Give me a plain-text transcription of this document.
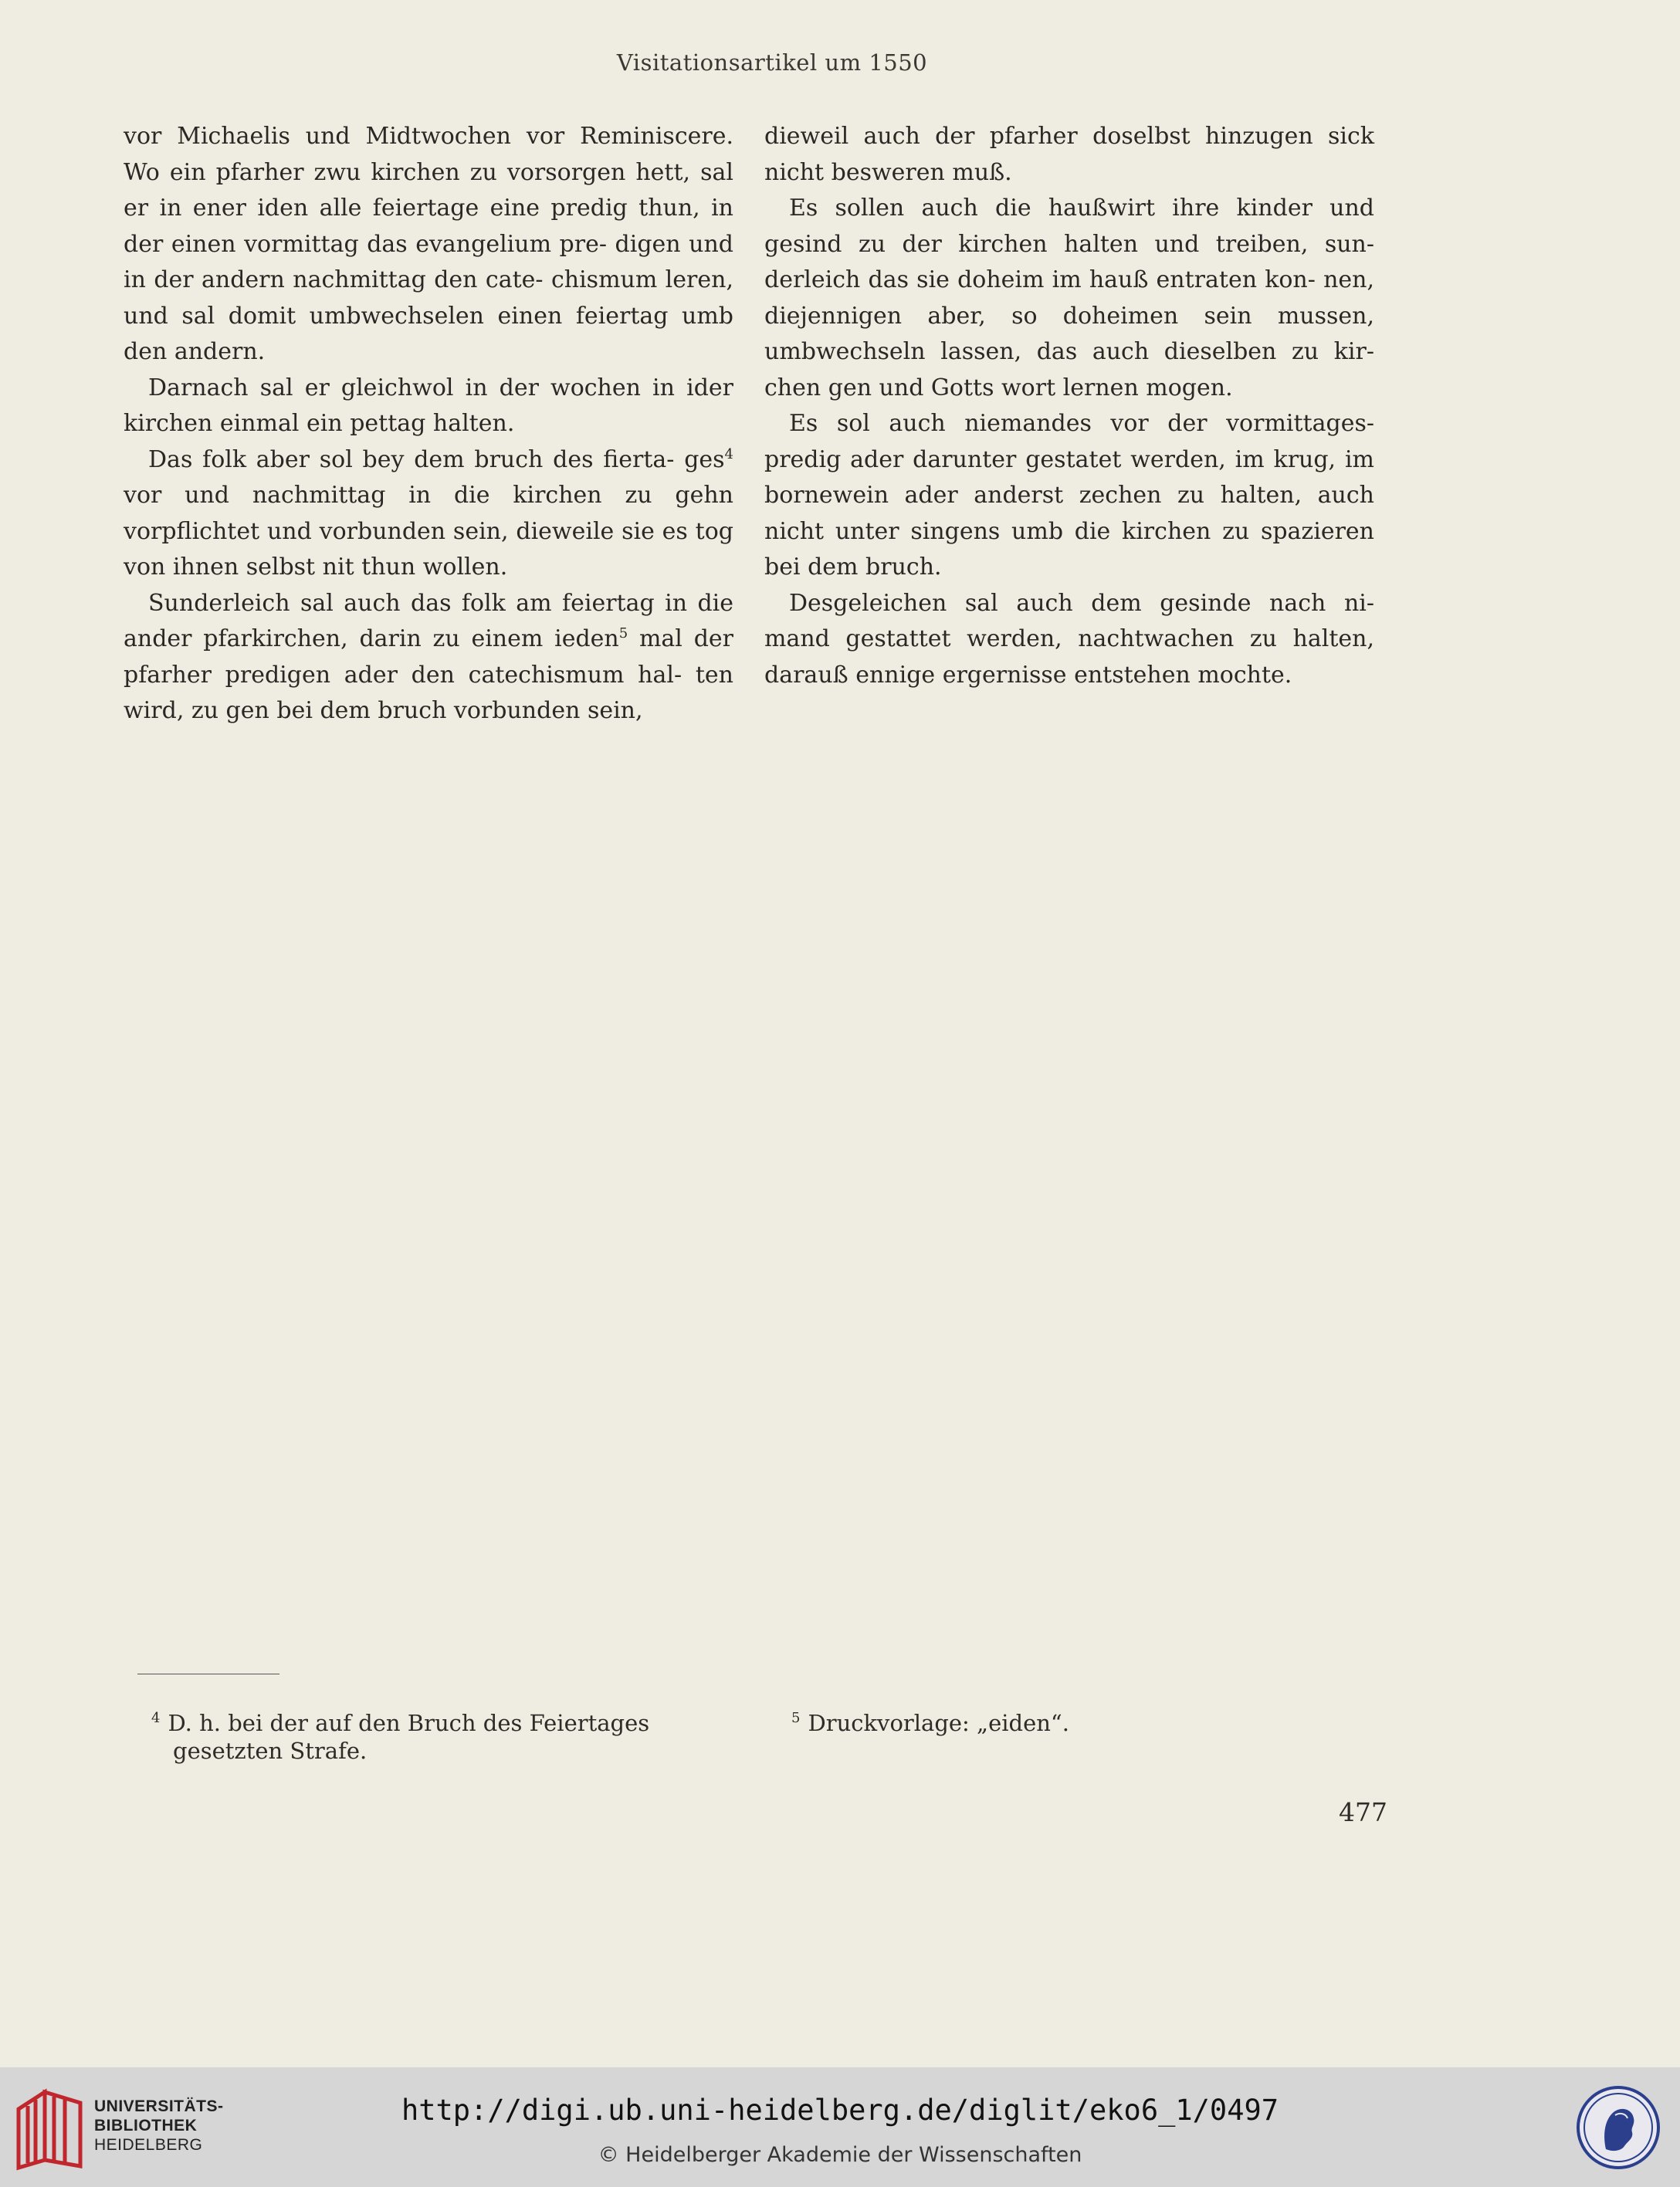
Visitationsartikel um 1550

vor Michaelis und Midtwochen vor Reminiscere. Wo ein pfarher zwu kirchen zu vorsorgen hett, sal er in ener iden alle feiertage eine predig thun, in der einen vormittag das evangelium pre- digen und in der andern nachmittag den cate- chismum leren, und sal domit umbwechselen einen feiertag umb den andern.

Darnach sal er gleichwol in der wochen in ider kirchen einmal ein pettag halten.

Das folk aber sol bey dem bruch des fierta- ges$^4$ vor und nachmittag in die kirchen zu gehn vorpflichtet und vorbunden sein, dieweile sie es tog von ihnen selbst nit thun wollen.

Sunderleich sal auch das folk am feiertag in die ander pfarkirchen, darin zu einem ieden$^5$ mal der pfarher predigen ader den catechismum hal- ten wird, zu gen bei dem bruch vorbunden sein,

dieweil auch der pfarher doselbst hinzugen sick nicht besweren muß.

Es sollen auch die haußwirt ihre kinder und gesind zu der kirchen halten und treiben, sun- derleich das sie doheim im hauß entraten kon- nen, diejennigen aber, so doheimen sein mussen, umbwechseln lassen, das auch dieselben zu kir- chen gen und Gotts wort lernen mogen.

Es sol auch niemandes vor der vormittages- predig ader darunter gestatet werden, im krug, im bornewein ader anderst zechen zu halten, auch nicht unter singens umb die kirchen zu spazieren bei dem bruch.

Desgeleichen sal auch dem gesinde nach ni- mand gestattet werden, nachtwachen zu halten, darauß ennige ergernisse entstehen mochte.

$^4$ D. h. bei der auf den Bruch des Feiertages
gesetzten Strafe.
$^5$ Druckvorlage: „eiden“.
477
UNIVERSITÄTS-
BIBLIOTHEK
HEIDELBERG
http://digi.ub.uni-heidelberg.de/diglit/eko6_1/0497
© Heidelberger Akademie der Wissenschaften
